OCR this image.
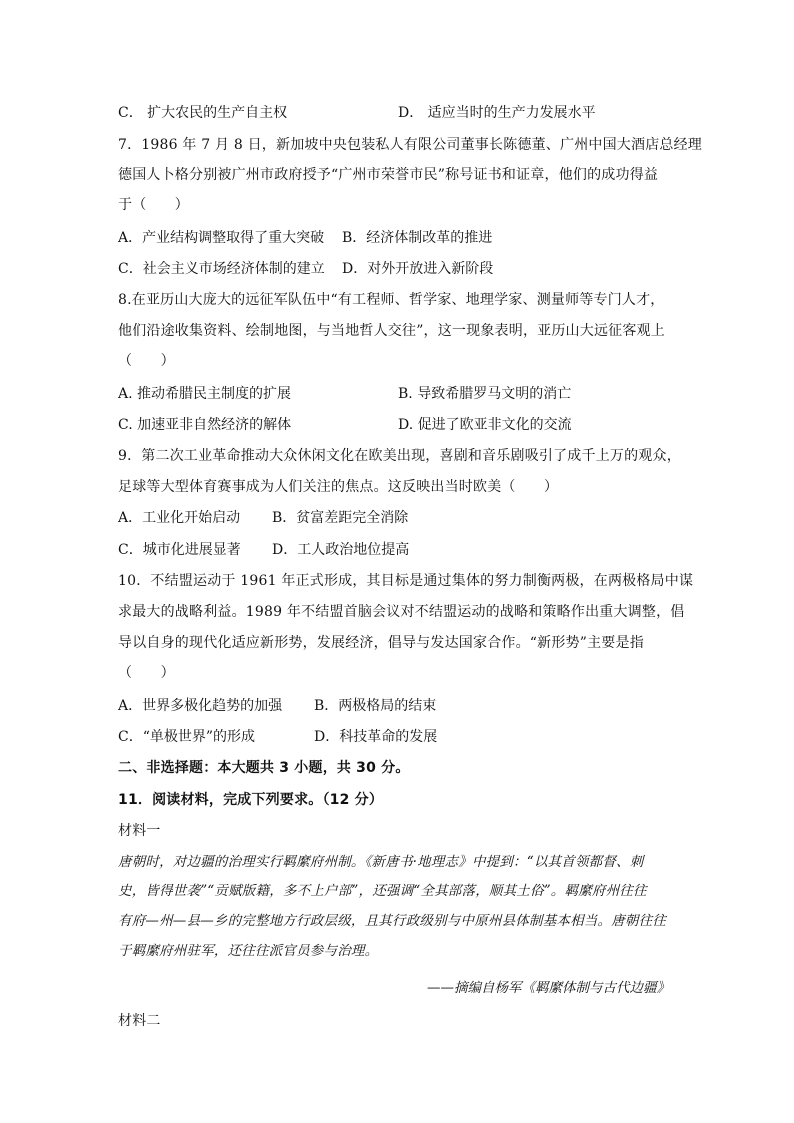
C． 扩大农民的生产自主权	D． 适应当时的生产力发展水平
7．1986 年 7 月 8 日，新加坡中央包装私人有限公司董事长陈德董、广州中国大酒店总经理
德国人卜格分别被广州市政府授予“广州市荣誉市民”称号证书和证章，他们的成功得益
于（　　）
A．产业结构调整取得了重大突破 B．经济体制改革的推进
C．社会主义市场经济体制的建立 D．对外开放进入新阶段
8.在亚历山大庞大的远征军队伍中“有工程师、哲学家、地理学家、测量师等专门人才，
他们沿途收集资料、绘制地图，与当地哲人交往”，这一现象表明，亚历山大远征客观上
（　　）
A. 推动希腊民主制度的扩展	B. 导致希腊罗马文明的消亡
C. 加速亚非自然经济的解体	D. 促进了欧亚非文化的交流
9．第二次工业革命推动大众休闲文化在欧美出现，喜剧和音乐剧吸引了成千上万的观众，
足球等大型体育赛事成为人们关注的焦点。这反映出当时欧美（　　）
A．工业化开始启动 B．贫富差距完全消除
C．城市化进展显著 D．工人政治地位提高
10．不结盟运动于 1961 年正式形成，其目标是通过集体的努力制衡两极，在两极格局中谋
求最大的战略利益。1989 年不结盟首脑会议对不结盟运动的战略和策略作出重大调整，倡
导以自身的现代化适应新形势，发展经济，倡导与发达国家合作。“新形势”主要是指
（　　）
A．世界多极化趋势的加强 B．两极格局的结束
C．“单极世界”的形成	D．科技革命的发展
二、非选择题：本大题共 3 小题，共 30 分。
11．阅读材料，完成下列要求。（12 分）
材料一
唐朝时，对边疆的治理实行羁縻府州制。《新唐书·地理志》中提到：“以其首领都督、刺
史，皆得世袭”“贡赋版籍，多不上户部”，还强调“全其部落，顺其土俗”。羁縻府州往往
有府—州—县—乡的完整地方行政层级，且其行政级别与中原州县体制基本相当。唐朝往往
于羁縻府州驻军，还往往派官员参与治理。
——摘编自杨军《羁縻体制与古代边疆》
材料二
